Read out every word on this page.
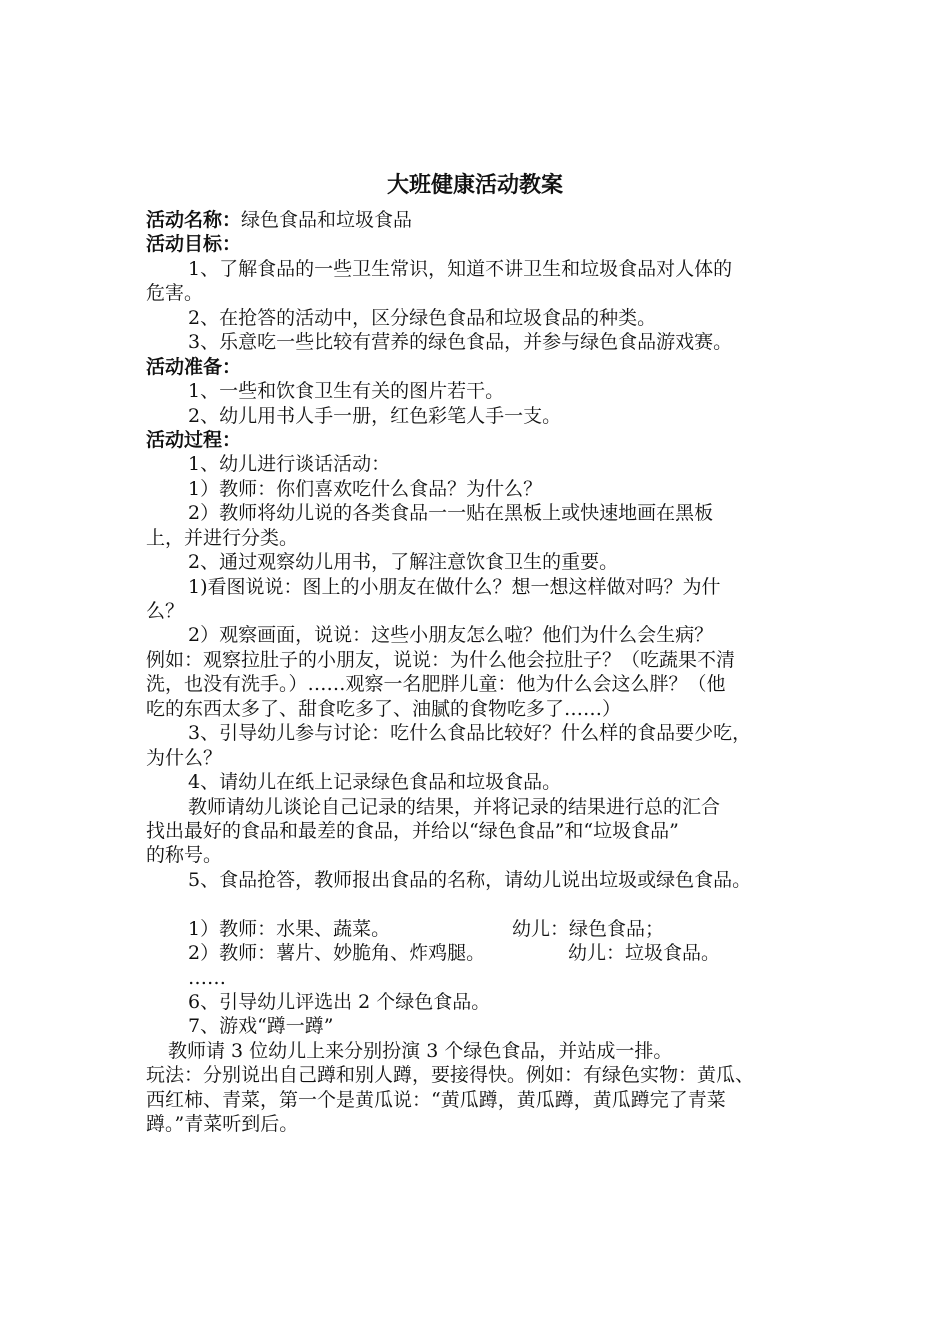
大班健康活动教案
活动名称：绿色食品和垃圾食品
活动目标：
1、了解食品的一些卫生常识，知道不讲卫生和垃圾食品对人体的
危害。
2、在抢答的活动中，区分绿色食品和垃圾食品的种类。
3、乐意吃一些比较有营养的绿色食品，并参与绿色食品游戏赛。
活动准备：
1、一些和饮食卫生有关的图片若干。
2、幼儿用书人手一册，红色彩笔人手一支。
活动过程：
1、幼儿进行谈话活动：
1）教师：你们喜欢吃什么食品？为什么？
2）教师将幼儿说的各类食品一一贴在黑板上或快速地画在黑板
上，并进行分类。
2、通过观察幼儿用书，了解注意饮食卫生的重要。
1)看图说说：图上的小朋友在做什么？想一想这样做对吗？为什
么？
2）观察画面，说说：这些小朋友怎么啦？他们为什么会生病？
例如：观察拉肚子的小朋友，说说：为什么他会拉肚子？（吃蔬果不清
洗，也没有洗手。）……观察一名肥胖儿童：他为什么会这么胖？（他
吃的东西太多了、甜食吃多了、油腻的食物吃多了……）
3、引导幼儿参与讨论：吃什么食品比较好？什么样的食品要少吃，
为什么？
4、请幼儿在纸上记录绿色食品和垃圾食品。
教师请幼儿谈论自己记录的结果，并将记录的结果进行总的汇合
找出最好的食品和最差的食品，并给以“绿色食品”和“垃圾食品”
的称号。
5、食品抢答，教师报出食品的名称，请幼儿说出垃圾或绿色食品。
1）教师：水果、蔬菜。	幼儿：绿色食品；
2）教师：薯片、妙脆角、炸鸡腿。	幼儿：垃圾食品。
……
6、引导幼儿评选出 2 个绿色食品。
7、游戏“蹲一蹲”
教师请 3 位幼儿上来分别扮演 3 个绿色食品，并站成一排。
玩法：分别说出自己蹲和别人蹲，要接得快。例如：有绿色实物：黄瓜、
西红柿、青菜，第一个是黄瓜说：“黄瓜蹲，黄瓜蹲，黄瓜蹲完了青菜
蹲。”青菜听到后。
